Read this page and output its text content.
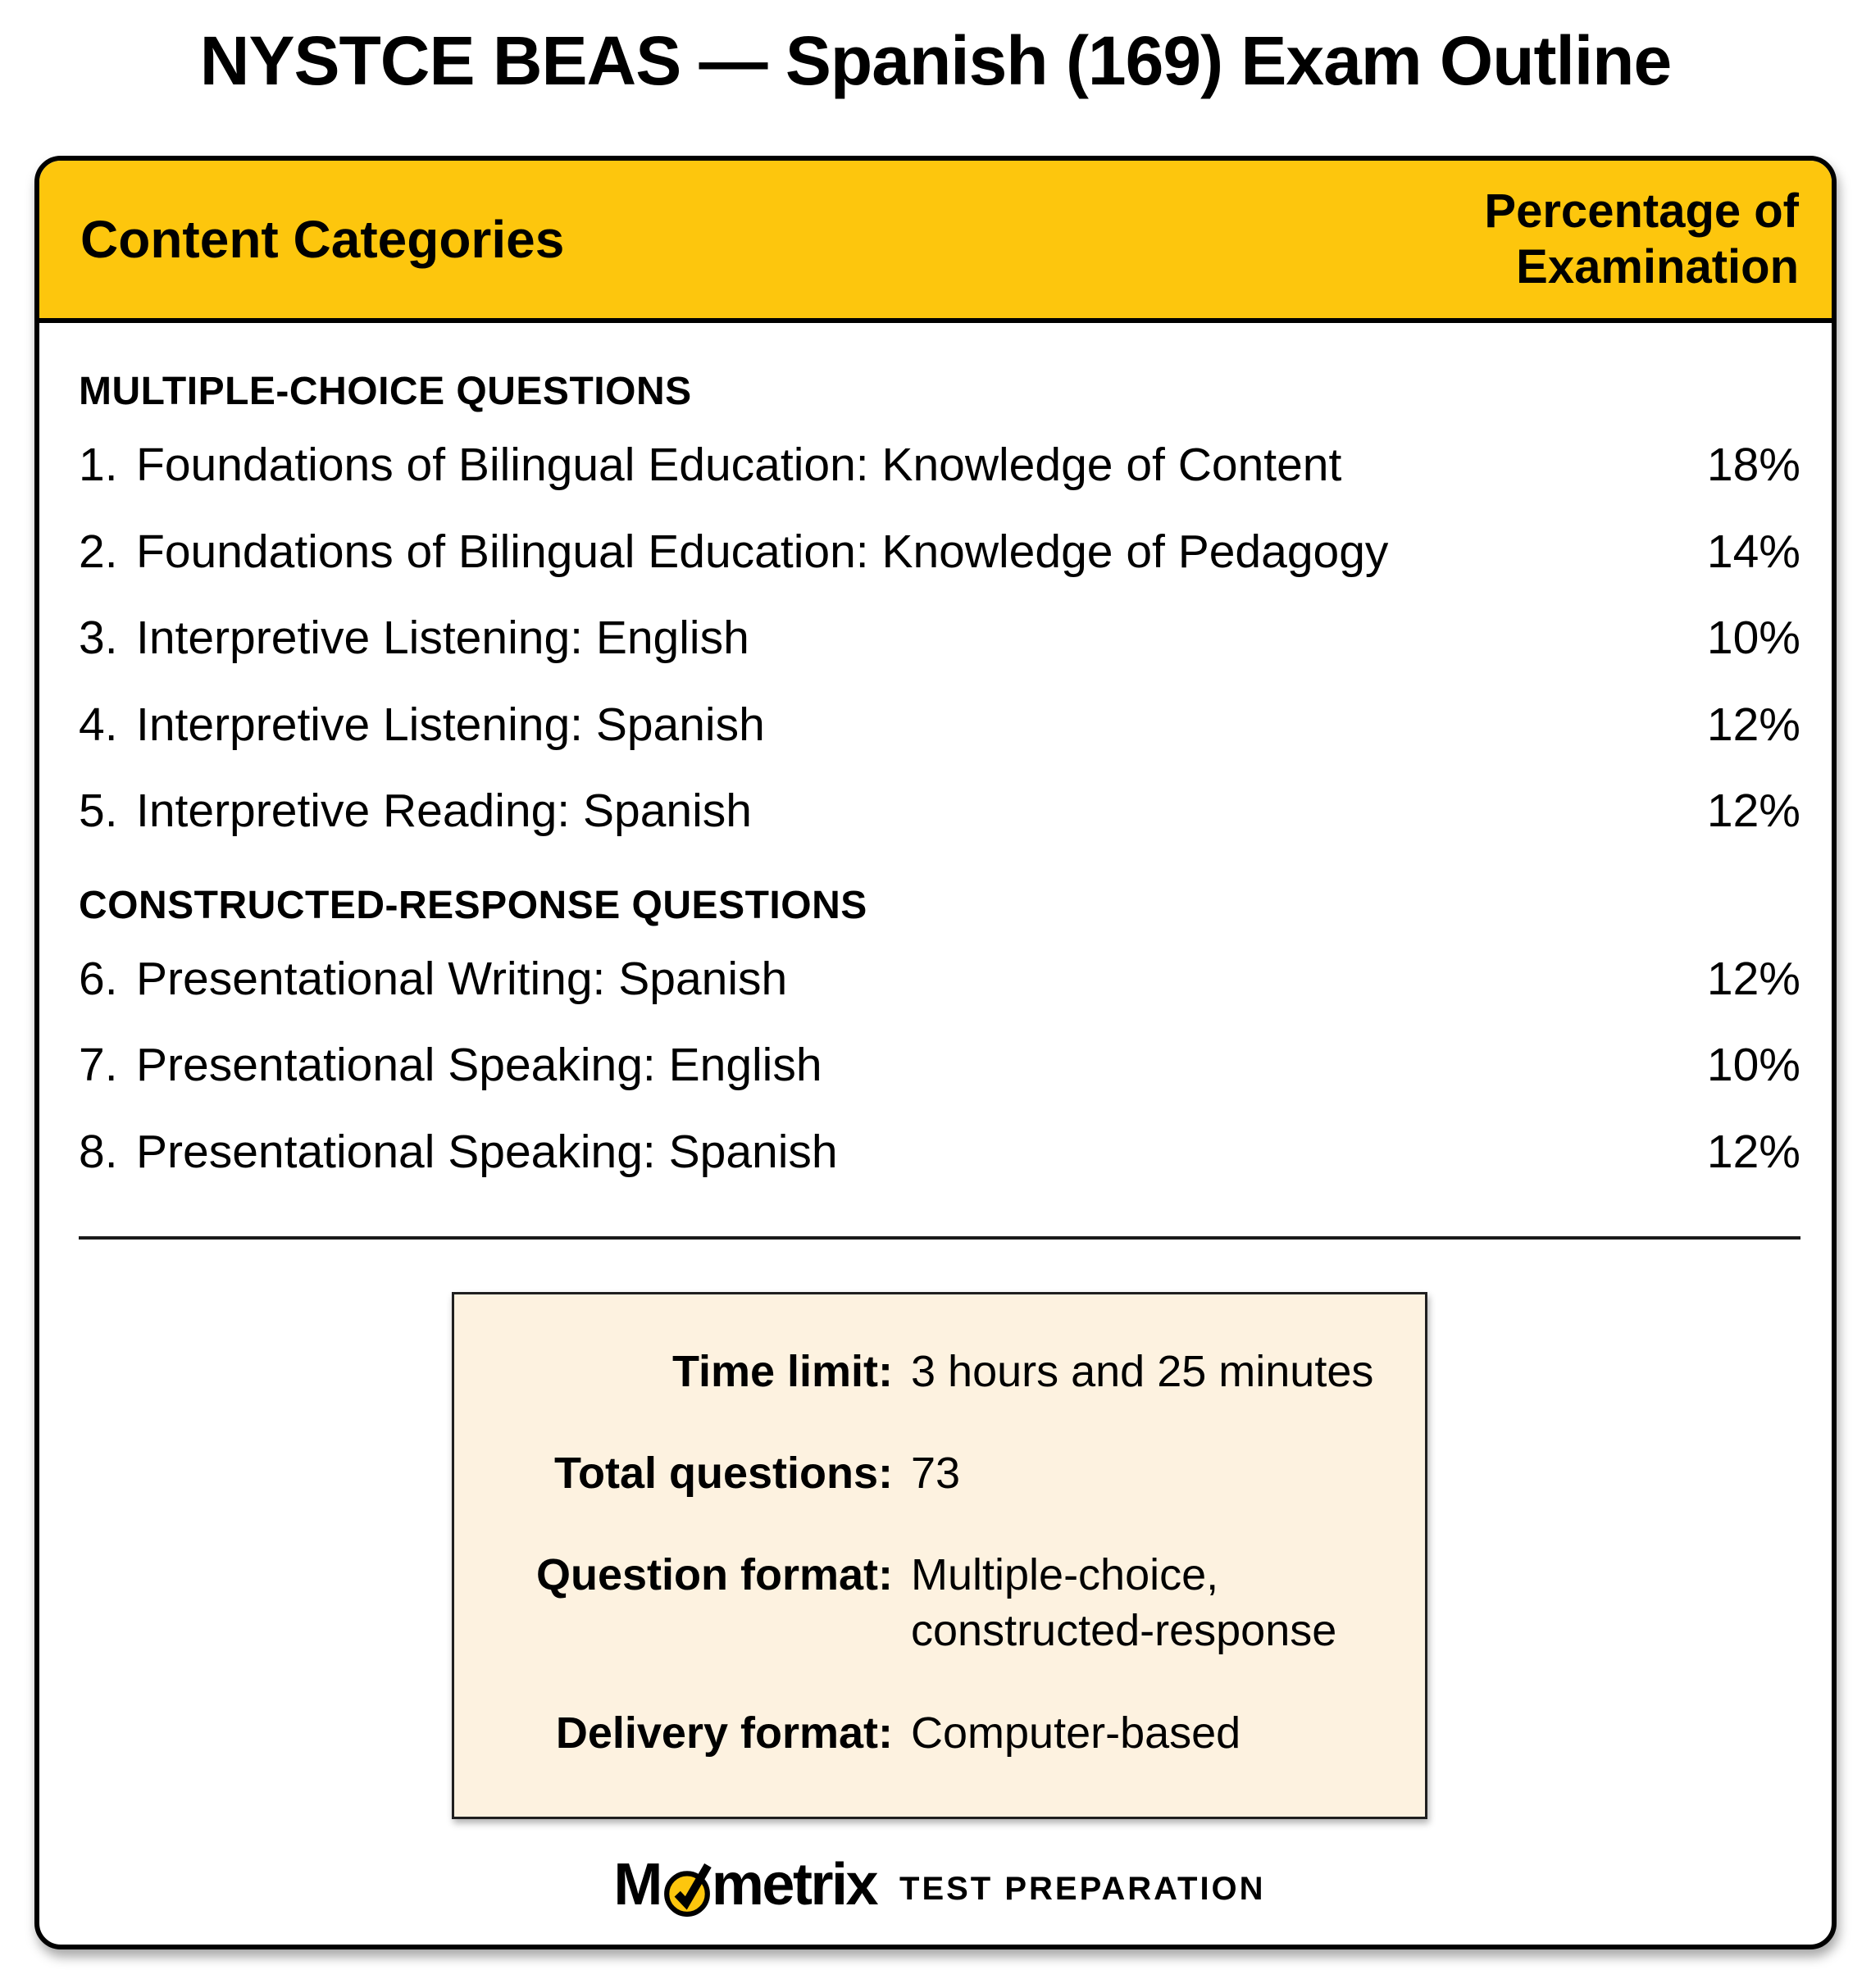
NYSTCE BEAS — Spanish (169) Exam Outline
Content Categories	Percentage of
Examination
MULTIPLE-CHOICE QUESTIONS
1. Foundations of Bilingual Education: Knowledge of Content	18%
2. Foundations of Bilingual Education: Knowledge of Pedagogy	14%
3. Interpretive Listening: English	10%
4. Interpretive Listening: Spanish	12%
5. Interpretive Reading: Spanish	12%
CONSTRUCTED-RESPONSE QUESTIONS
6. Presentational Writing: Spanish	12%
7. Presentational Speaking: English	10%
8. Presentational Speaking: Spanish	12%
Time limit: 3 hours and 25 minutes
Total questions: 73
Question format: Multiple-choice,
constructed-response
Delivery format: Computer-based
M metrix TEST PREPARATION
